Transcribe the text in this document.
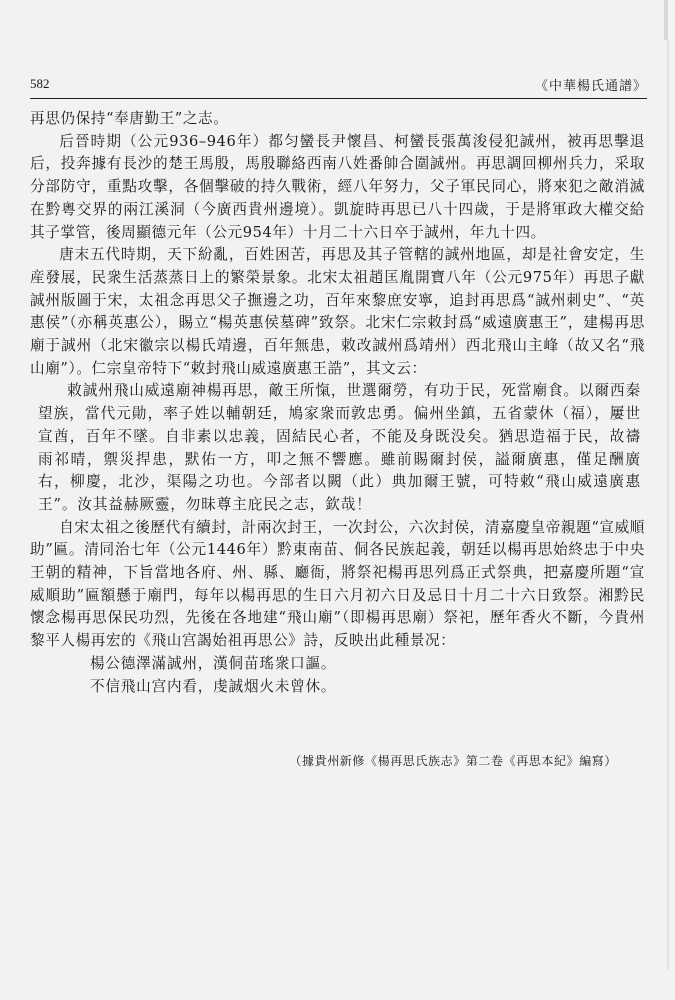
582	《中華楊氏通譜》

再思仍保持“奉唐勤王”之志。

后晉時期（公元936–946年）都匀蠻長尹懷昌、柯蠻長張萬浚侵犯誠州，被再思擊退后，投奔據有長沙的楚王馬殷，馬殷聯絡西南八姓番帥合圍誠州。再思調回柳州兵力，采取分部防守，重點攻擊，各個擊破的持久戰術，經八年努力，父子軍民同心，將來犯之敵消滅在黔粵交界的兩江溪洞（今廣西貴州邊境）。凱旋時再思已八十四歲，于是將軍政大權交給其子掌管，後周顯德元年（公元954年）十月二十六日卒于誠州，年九十四。

唐末五代時期，天下紛亂，百姓困苦，再思及其子管轄的誠州地區，却是社會安定，生産發展，民衆生活蒸蒸日上的繁榮景象。北宋太祖趙匡胤開寶八年（公元975年）再思子獻誠州版圖于宋，太祖念再思父子撫邊之功，百年來黎庶安寧，追封再思爲“誠州刺史”、“英惠侯”（亦稱英惠公），賜立“楊英惠侯墓碑”致祭。北宋仁宗敕封爲“威遠廣惠王”，建楊再思廟于誠州（北宋徽宗以楊氏靖邊，百年無患，敕改誠州爲靖州）西北飛山主峰（故又名“飛山廟”）。仁宗皇帝特下“敕封飛山威遠廣惠王誥”，其文云：

敕誠州飛山威遠廟神楊再思，敵王所愾，世選爾勞，有功于民，死當廟食。以爾西秦望族，當代元勛，率子姓以輔朝廷，鳩家衆而敦忠勇。偏州坐鎮，五省蒙休（福），屢世宣酋，百年不墜。自非素以忠義，固結民心者，不能及身既没矣。猶思造福于民，故禱雨祁晴，禦災捍患，默佑一方，叩之無不響應。雖前賜爾封侯，謚爾廣惠，僅足酬廣右，柳慶，北沙，渠陽之功也。今部者以闕（此）典加爾王號，可特敕“飛山威遠廣惠王”。汝其益赫厥靈，勿昧尊主庇民之志，欽哉！

自宋太祖之後歷代有續封，計兩次封王，一次封公，六次封侯，清嘉慶皇帝親題“宣威順助”匾。清同治七年（公元1446年）黔東南苗、侗各民族起義，朝廷以楊再思始終忠于中央王朝的精神，下旨當地各府、州、縣、廳衙，將祭祀楊再思列爲正式祭典，把嘉慶所題“宣威順助”匾額懸于廟門，每年以楊再思的生日六月初六日及忌日十月二十六日致祭。湘黔民懷念楊再思保民功烈，先後在各地建“飛山廟”（即楊再思廟）祭祀，歷年香火不斷，今貴州黎平人楊再宏的《飛山宫謁始祖再思公》詩，反映出此種景况：

楊公德澤滿誠州，漢侗苗瑤衆口謳。

不信飛山宫内看，虔誠烟火未曾休。

（據貴州新修《楊再思氏族志》第二卷《再思本紀》編寫）
